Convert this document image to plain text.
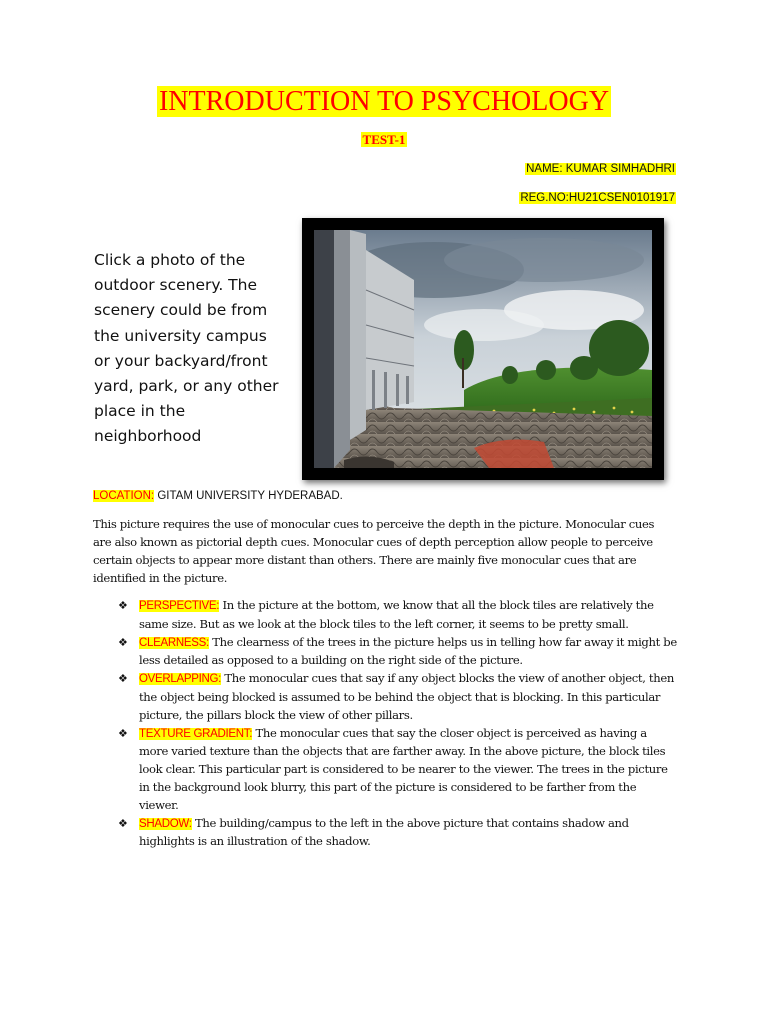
INTRODUCTION TO PSYCHOLOGY
TEST-1
NAME: KUMAR SIMHADHRI
REG.NO:HU21CSEN0101917
Click a photo of the
outdoor scenery. The
scenery could be from
the university campus
or your backyard/front
yard, park, or any other
place in the
neighborhood
LOCATION: GITAM UNIVERSITY HYDERABAD.

This picture requires the use of monocular cues to perceive the depth in the picture. Monocular cues are also known as pictorial depth cues. Monocular cues of depth perception allow people to perceive certain objects to appear more distant than others. There are mainly five monocular cues that are identified in the picture.

❖ PERSPECTIVE: In the picture at the bottom, we know that all the block tiles are relatively the same size. But as we look at the block tiles to the left corner, it seems to be pretty small.
❖ CLEARNESS: The clearness of the trees in the picture helps us in telling how far away it might be less detailed as opposed to a building on the right side of the picture.
❖ OVERLAPPING: The monocular cues that say if any object blocks the view of another object, then the object being blocked is assumed to be behind the object that is blocking. In this particular picture, the pillars block the view of other pillars.
❖ TEXTURE GRADIENT: The monocular cues that say the closer object is perceived as having a more varied texture than the objects that are farther away. In the above picture, the block tiles look clear. This particular part is considered to be nearer to the viewer. The trees in the picture in the background look blurry, this part of the picture is considered to be farther from the viewer.
❖ SHADOW: The building/campus to the left in the above picture that contains shadow and highlights is an illustration of the shadow.
